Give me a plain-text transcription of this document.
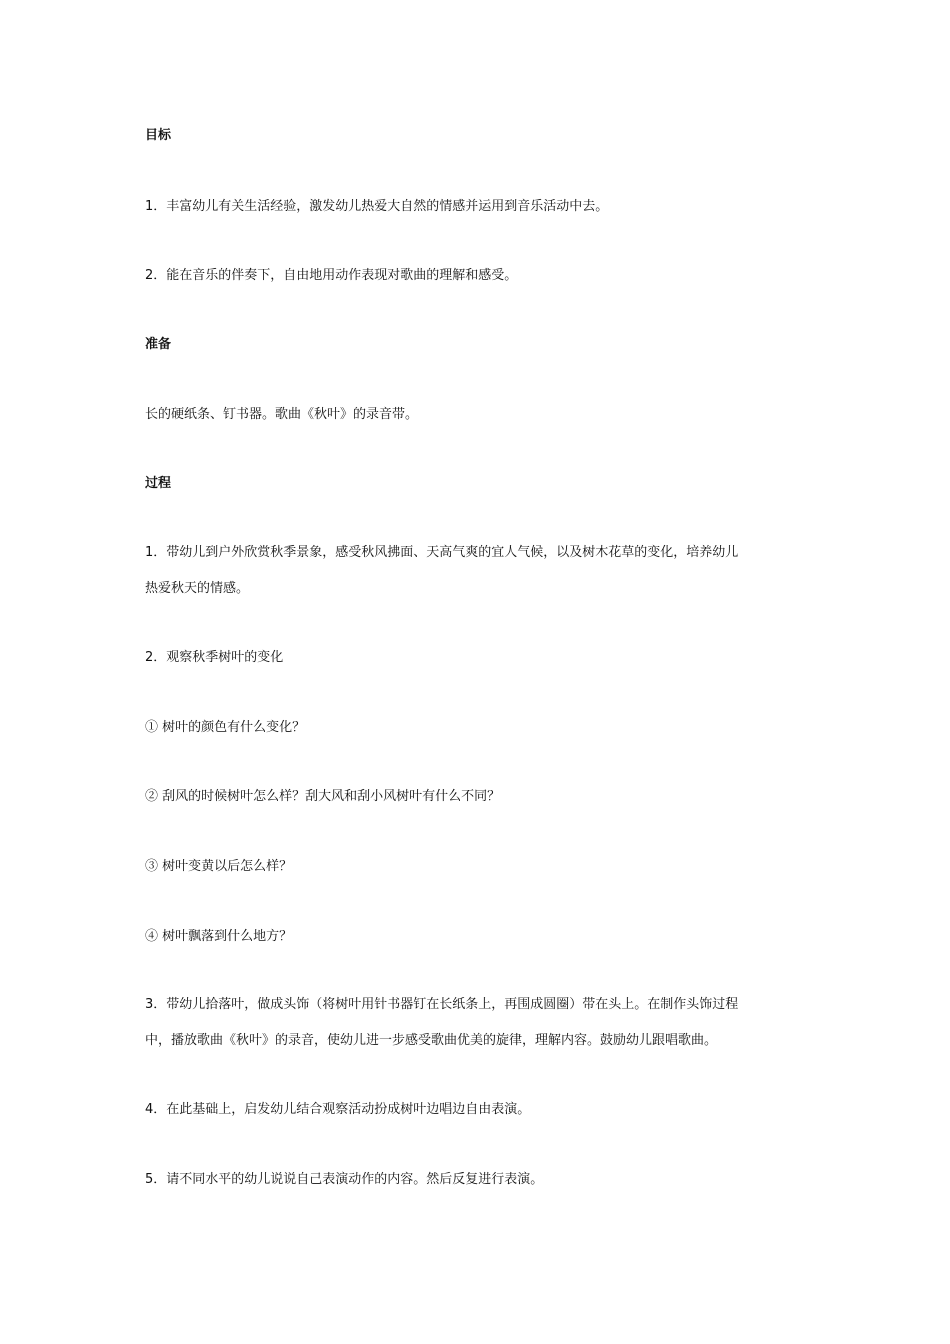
目标
1．丰富幼儿有关生活经验，激发幼儿热爱大自然的情感并运用到音乐活动中去。
2．能在音乐的伴奏下，自由地用动作表现对歌曲的理解和感受。
准备
长的硬纸条、钉书器。歌曲《秋叶》的录音带。
过程
1．带幼儿到户外欣赏秋季景象，感受秋风拂面、天高气爽的宜人气候，以及树木花草的变化，培养幼儿
热爱秋天的情感。
2．观察秋季树叶的变化
① 树叶的颜色有什么变化？
② 刮风的时候树叶怎么样？刮大风和刮小风树叶有什么不同？
③ 树叶变黄以后怎么样？
④ 树叶飘落到什么地方？
3．带幼儿拾落叶，做成头饰（将树叶用针书器钉在长纸条上，再围成圆圈）带在头上。在制作头饰过程
中，播放歌曲《秋叶》的录音，使幼儿进一步感受歌曲优美的旋律，理解内容。鼓励幼儿跟唱歌曲。
4．在此基础上，启发幼儿结合观察活动扮成树叶边唱边自由表演。
5．请不同水平的幼儿说说自己表演动作的内容。然后反复进行表演。
